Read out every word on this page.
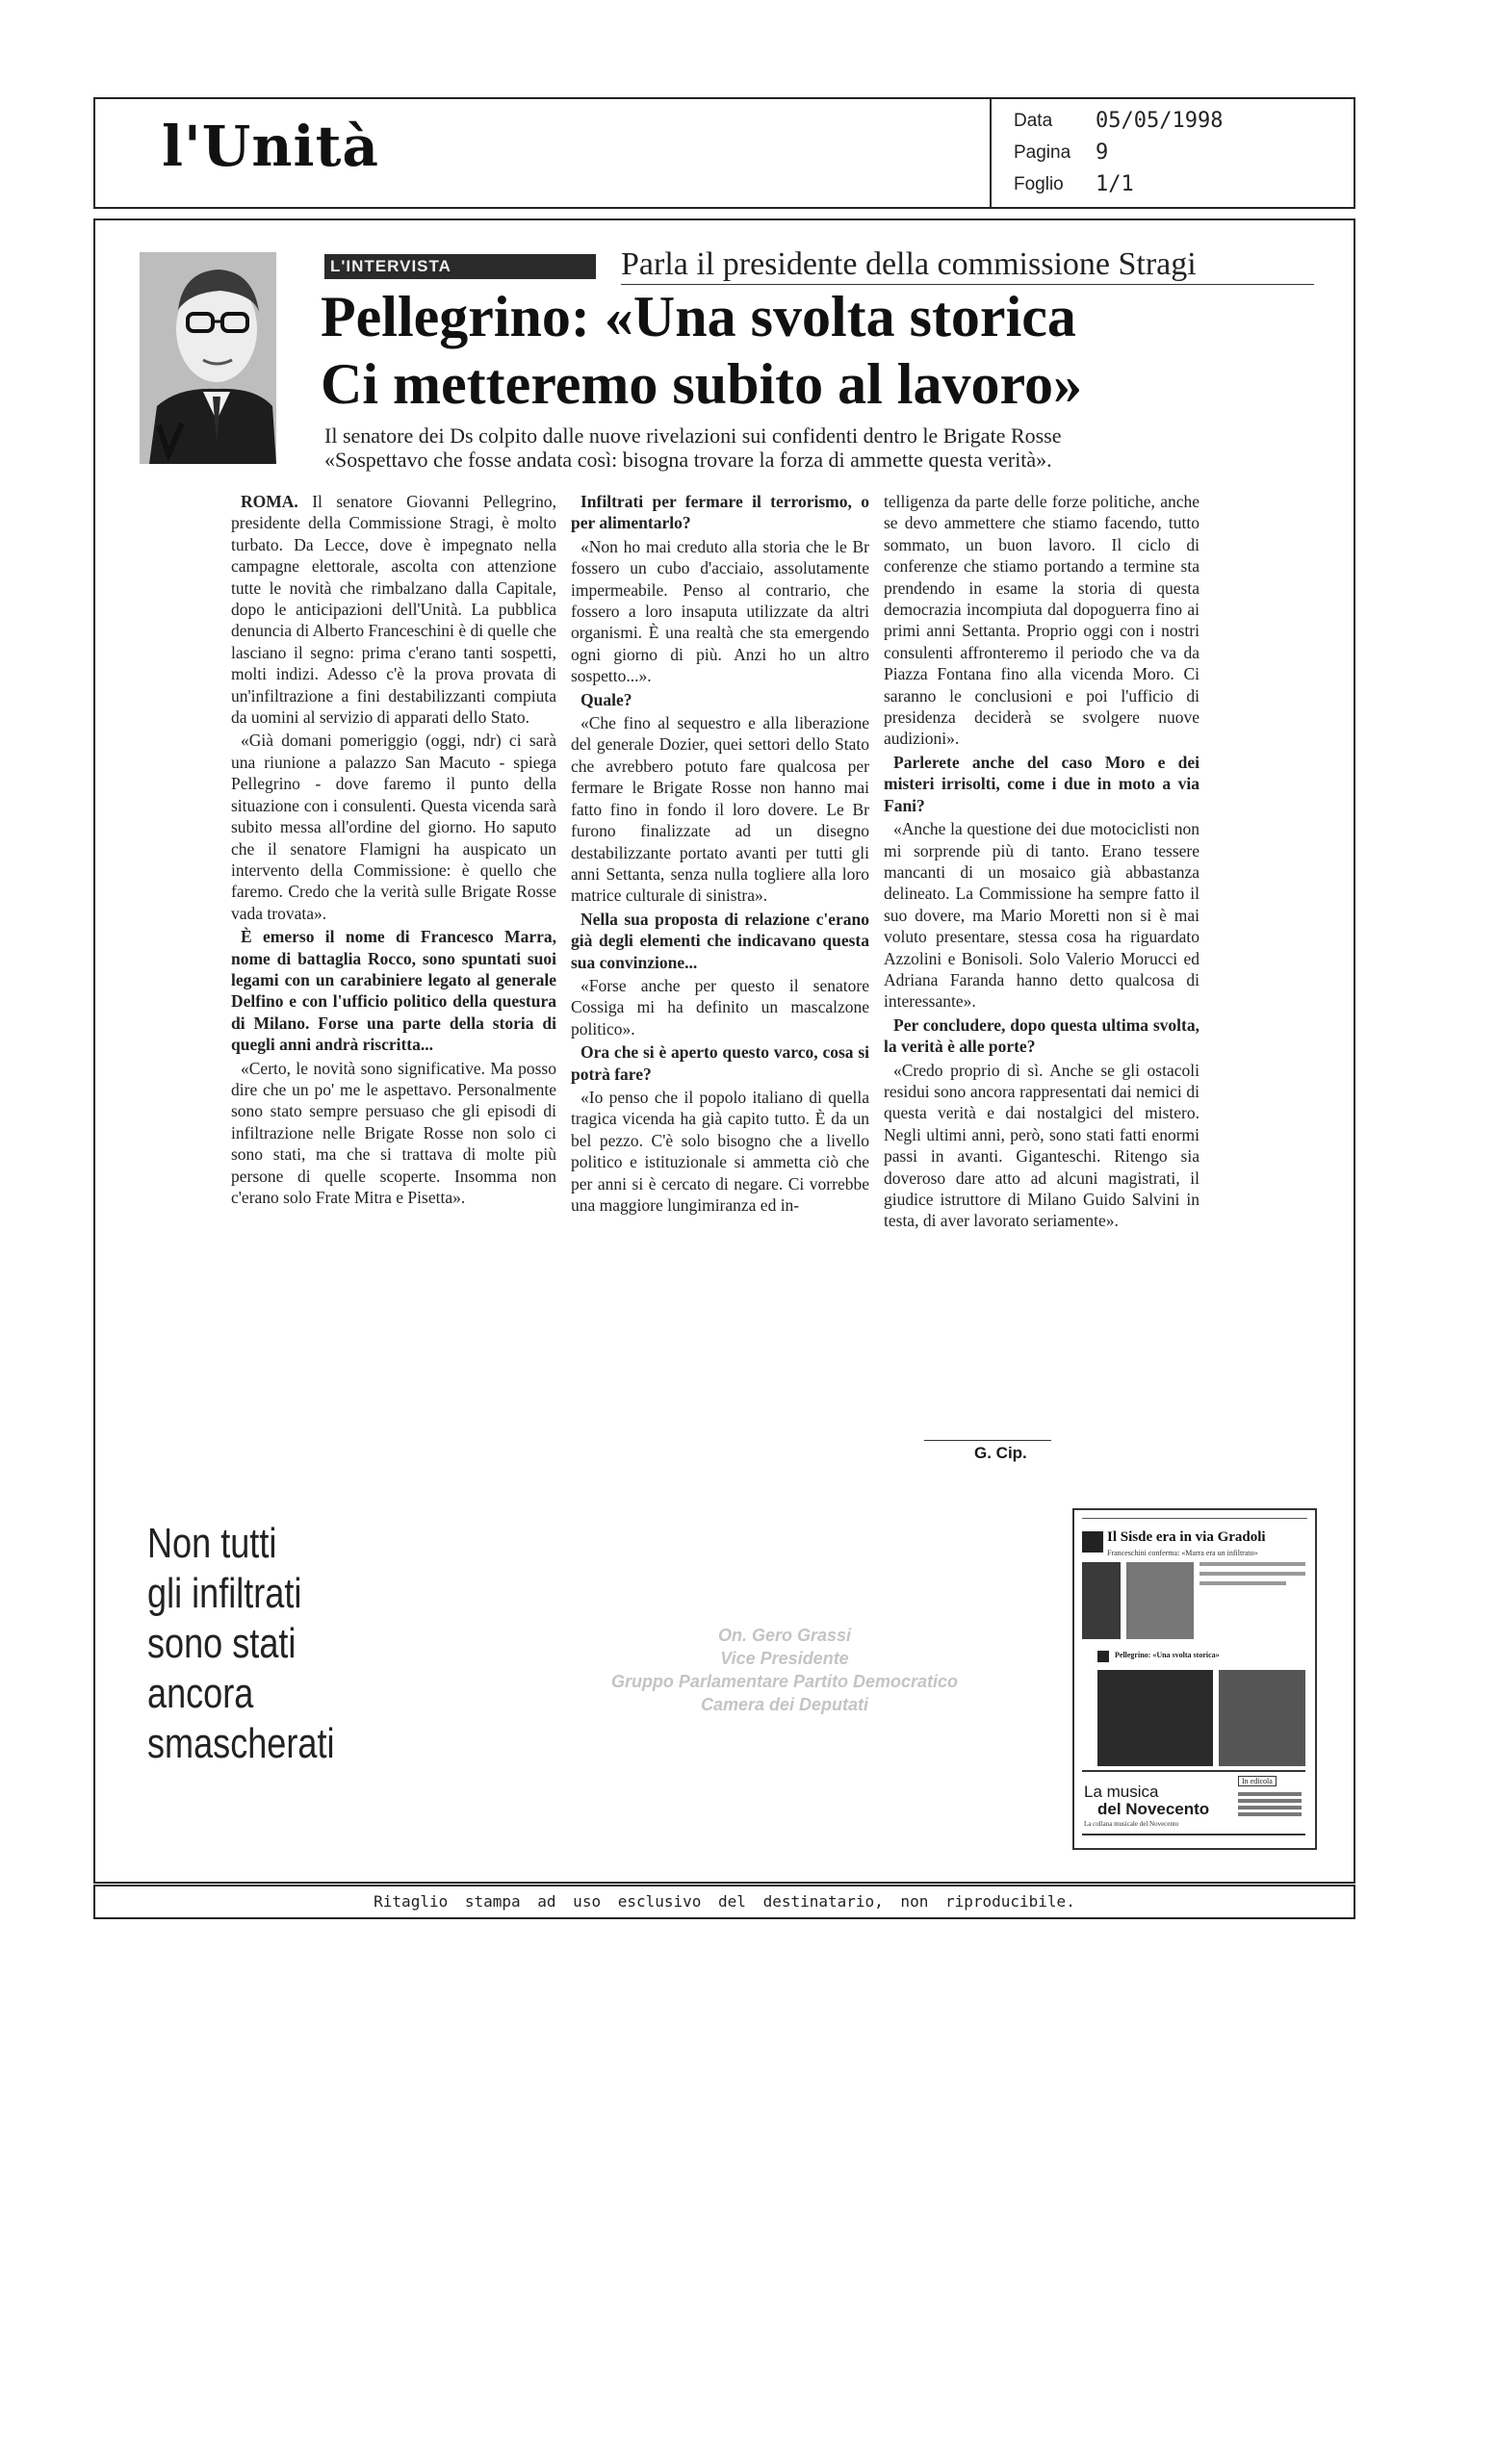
l'Unità	Data 05/05/1998
Pagina 9
Foglio 1/1
L'INTERVISTA	Parla il presidente della commissione Stragi
Pellegrino: «Una svolta storica
Ci metteremo subito al lavoro»
Il senatore dei Ds colpito dalle nuove rivelazioni sui confidenti dentro le Brigate Rosse
«Sospettavo che fosse andata così: bisogna trovare la forza di ammette questa verità».

ROMA. Il senatore Giovanni Pellegrino, presidente della Commissione Stragi, è molto turbato. Da Lecce, dove è impegnato nella campagne elettorale, ascolta con attenzione tutte le novità che rimbalzano dalla Capitale, dopo le anticipazioni dell'Unità. La pubblica denuncia di Alberto Franceschini è di quelle che lasciano il segno: prima c'erano tanti sospetti, molti indizi. Adesso c'è la prova provata di un'infiltrazione a fini destabilizzanti compiuta da uomini al servizio di apparati dello Stato.

«Già domani pomeriggio (oggi, ndr) ci sarà una riunione a palazzo San Macuto - spiega Pellegrino - dove faremo il punto della situazione con i consulenti. Questa vicenda sarà subito messa all'ordine del giorno. Ho saputo che il senatore Flamigni ha auspicato un intervento della Commissione: è quello che faremo. Credo che la verità sulle Brigate Rosse vada trovata».

È emerso il nome di Francesco Marra, nome di battaglia Rocco, sono spuntati suoi legami con un carabiniere legato al generale Delfino e con l'ufficio politico della questura di Milano. Forse una parte della storia di quegli anni andrà riscritta...

«Certo, le novità sono significative. Ma posso dire che un po' me le aspettavo. Personalmente sono stato sempre persuaso che gli episodi di infiltrazione nelle Brigate Rosse non solo ci sono stati, ma che si trattava di molte più persone di quelle scoperte. Insomma non c'erano solo Frate Mitra e Pisetta».

Infiltrati per fermare il terrorismo, o per alimentarlo?

«Non ho mai creduto alla storia che le Br fossero un cubo d'acciaio, assolutamente impermeabile. Penso al contrario, che fossero a loro insaputa utilizzate da altri organismi. È una realtà che sta emergendo ogni giorno di più. Anzi ho un altro sospetto...».

Quale?

«Che fino al sequestro e alla liberazione del generale Dozier, quei settori dello Stato che avrebbero potuto fare qualcosa per fermare le Brigate Rosse non hanno mai fatto fino in fondo il loro dovere. Le Br furono finalizzate ad un disegno destabilizzante portato avanti per tutti gli anni Settanta, senza nulla togliere alla loro matrice culturale di sinistra».

Nella sua proposta di relazione c'erano già degli elementi che indicavano questa sua convinzione...

«Forse anche per questo il senatore Cossiga mi ha definito un mascalzone politico».

Ora che si è aperto questo varco, cosa si potrà fare?

«Io penso che il popolo italiano di quella tragica vicenda ha già capito tutto. È da un bel pezzo. C'è solo bisogno che a livello politico e istituzionale si ammetta ciò che per anni si è cercato di negare. Ci vorrebbe una maggiore lungimiranza ed in-

telligenza da parte delle forze politiche, anche se devo ammettere che stiamo facendo, tutto sommato, un buon lavoro. Il ciclo di conferenze che stiamo portando a termine sta prendendo in esame la storia di questa democrazia incompiuta dal dopoguerra fino ai primi anni Settanta. Proprio oggi con i nostri consulenti affronteremo il periodo che va da Piazza Fontana fino alla vicenda Moro. Ci saranno le conclusioni e poi l'ufficio di presidenza deciderà se svolgere nuove audizioni».

Parlerete anche del caso Moro e dei misteri irrisolti, come i due in moto a via Fani?

«Anche la questione dei due motociclisti non mi sorprende più di tanto. Erano tessere mancanti di un mosaico già abbastanza delineato. La Commissione ha sempre fatto il suo dovere, ma Mario Moretti non si è mai voluto presentare, stessa cosa ha riguardato Azzolini e Bonisoli. Solo Valerio Morucci ed Adriana Faranda hanno detto qualcosa di interessante».

Per concludere, dopo questa ultima svolta, la verità è alle porte?

«Credo proprio di sì. Anche se gli ostacoli residui sono ancora rappresentati dai nemici di questa verità e dai nostalgici del mistero. Negli ultimi anni, però, sono stati fatti enormi passi in avanti. Giganteschi. Ritengo sia doveroso dare atto ad alcuni magistrati, il giudice istruttore di Milano Guido Salvini in testa, di aver lavorato seriamente».

G. Cip.
Non tutti
gli infiltrati
sono stati
ancora
smascherati
On. Gero Grassi
Vice Presidente
Gruppo Parlamentare Partito Democratico
Camera dei Deputati
Il Sisde era in via Gradoli
Franceschini conferma: «Marra era un infiltrato»
Pellegrino: «Una svolta storica»
In edicola
La musica
del Novecento
La collana musicale del Novecento
Ritaglio stampa ad uso esclusivo del destinatario, non riproducibile.
